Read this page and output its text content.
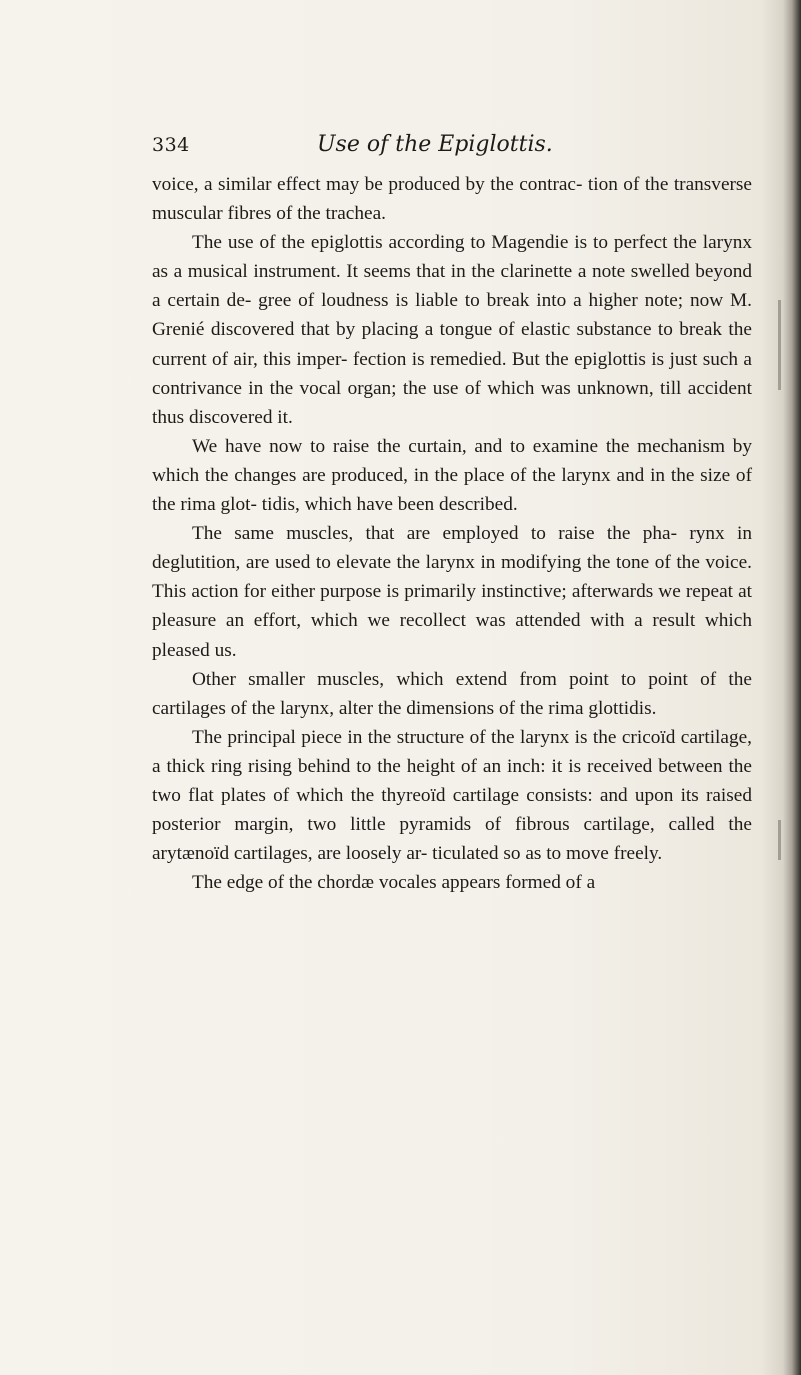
334	Use of the Epiglottis.

voice, a similar effect may be produced by the contrac- tion of the transverse muscular fibres of the trachea.

The use of the epiglottis according to Magendie is to perfect the larynx as a musical instrument. It seems that in the clarinette a note swelled beyond a certain de- gree of loudness is liable to break into a higher note; now M. Grenié discovered that by placing a tongue of elastic substance to break the current of air, this imper- fection is remedied. But the epiglottis is just such a contrivance in the vocal organ; the use of which was unknown, till accident thus discovered it.

We have now to raise the curtain, and to examine the mechanism by which the changes are produced, in the place of the larynx and in the size of the rima glot- tidis, which have been described.

The same muscles, that are employed to raise the pha- rynx in deglutition, are used to elevate the larynx in modifying the tone of the voice. This action for either purpose is primarily instinctive; afterwards we repeat at pleasure an effort, which we recollect was attended with a result which pleased us.

Other smaller muscles, which extend from point to point of the cartilages of the larynx, alter the dimensions of the rima glottidis.

The principal piece in the structure of the larynx is the cricoïd cartilage, a thick ring rising behind to the height of an inch: it is received between the two flat plates of which the thyreoïd cartilage consists: and upon its raised posterior margin, two little pyramids of fibrous cartilage, called the arytænoïd cartilages, are loosely ar- ticulated so as to move freely.

The edge of the chordæ vocales appears formed of a
